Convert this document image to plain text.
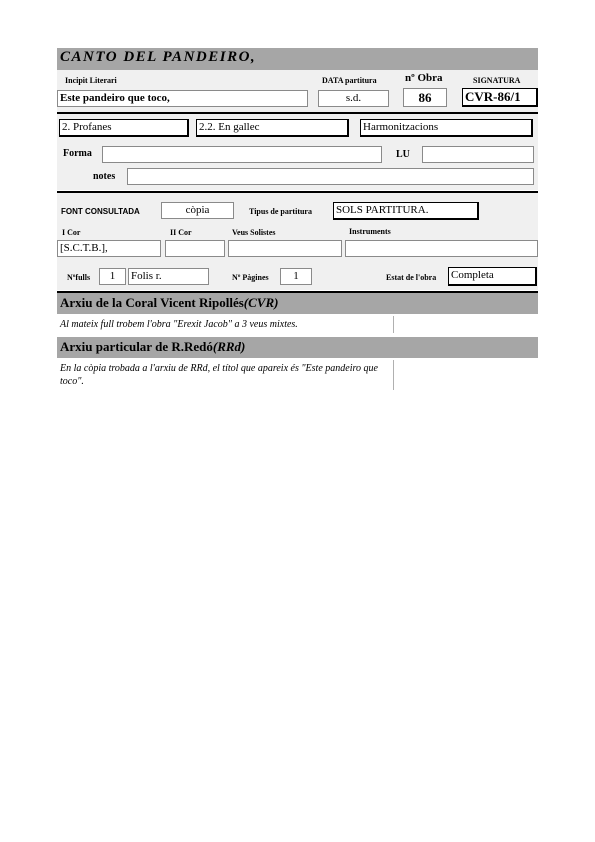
CANTO DEL PANDEIRO,
Incipit Literari	DATA partitura	nº Obra	SIGNATURA
Este pandeiro que toco,	s.d.	86	CVR-86/1
2. Profanes	2.2. En gallec	Harmonitzacions
Forma	LU
notes
FONT CONSULTADA	còpia	Tipus de partitura SOLS PARTITURA.
I Cor	II Cor	Veus Solistes	Instruments
[S.C.T.B.],
Nºfulls	1	Folis r.	Nº Pàgines	1	Estat de l'obra Completa
Arxiu de la Coral Vicent Ripollés(CVR)
Al mateix full trobem l'obra "Erexit Jacob" a 3 veus mixtes.
Arxiu particular de R.Redó(RRd)
En la còpia trobada a l'arxiu de RRd, el títol que apareix és "Este pandeiro que toco".
